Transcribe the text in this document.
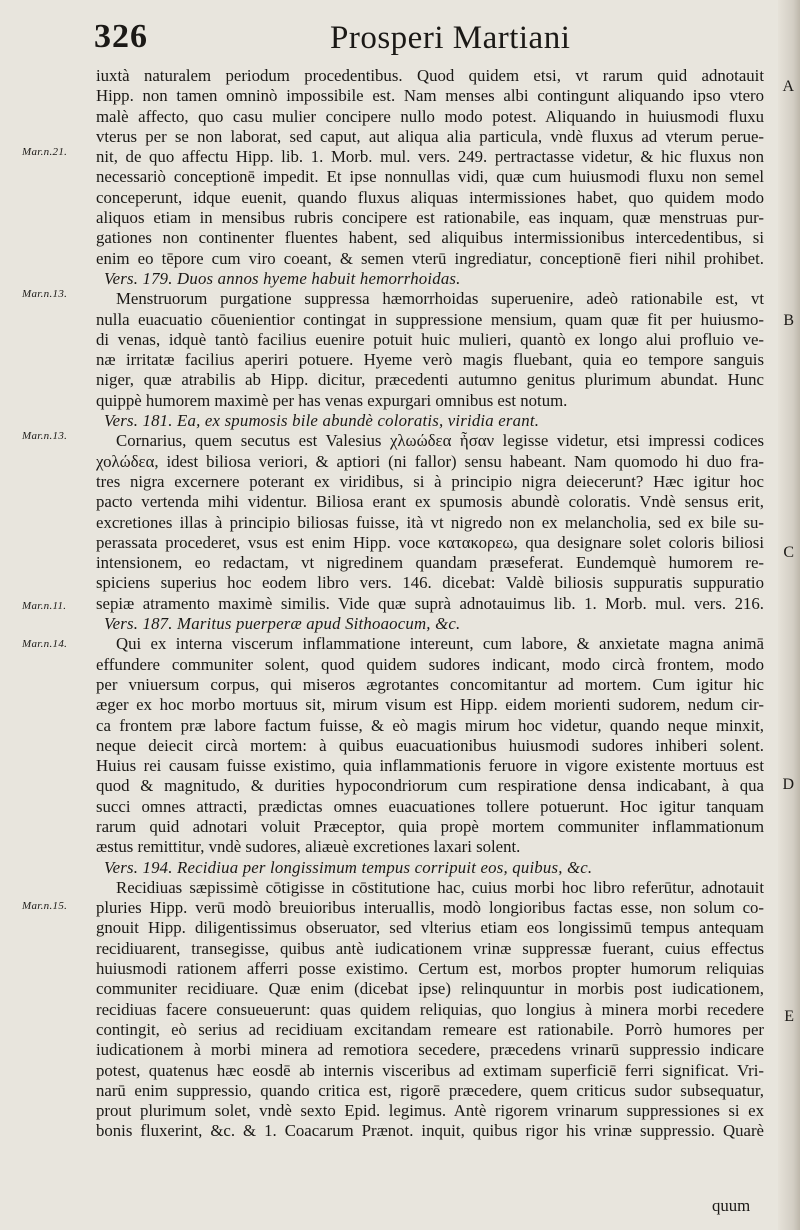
326	Prosperi Martiani
Mar.n.21.
Mar.n.13.
Mar.n.13.
Mar.n.11.
Mar.n.14.
Mar.n.15.
A
B
C
D
E
iuxtà naturalem periodum procedentibus. Quod quidem etsi, vt rarum quid adnotauit
Hipp. non tamen omninò impossibile est. Nam menses albi contingunt aliquando ipso vtero
malè affecto, quo casu mulier concipere nullo modo potest. Aliquando in huiusmodi fluxu
vterus per se non laborat, sed caput, aut aliqua alia particula, vndè fluxus ad vterum perue-
nit, de quo affectu Hipp. lib. 1. Morb. mul. vers. 249. pertractasse videtur, & hic fluxus non
necessariò conceptionē impedit. Et ipse nonnullas vidi, quæ cum huiusmodi fluxu non semel
conceperunt, idque euenit, quando fluxus aliquas intermissiones habet, quo quidem modo
aliquos etiam in mensibus rubris concipere est rationabile, eas inquam, quæ menstruas pur-
gationes non continenter fluentes habent, sed aliquibus intermissionibus intercedentibus, si
enim eo tēpore cum viro coeant, & semen vterū ingrediatur, conceptionē fieri nihil prohibet.
Vers. 179. Duos annos hyeme habuit hemorrhoidas.
Menstruorum purgatione suppressa hæmorrhoidas superuenire, adeò rationabile est, vt
nulla euacuatio cōuenientior contingat in suppressione mensium, quam quæ fit per huiusmo-
di venas, idquè tantò facilius euenire potuit huic mulieri, quantò ex longo alui profluio ve-
næ irritatæ facilius aperiri potuere. Hyeme verò magis fluebant, quia eo tempore sanguis
niger, quæ atrabilis ab Hipp. dicitur, præcedenti autumno genitus plurimum abundat. Hunc
quippè humorem maximè per has venas expurgari omnibus est notum.
Vers. 181. Ea, ex spumosis bile abundè coloratis, viridia erant.
Cornarius, quem secutus est Valesius χλωώδεα ἦσαν legisse videtur, etsi impressi codices
χολώδεα, idest biliosa veriori, & aptiori (ni fallor) sensu habeant. Nam quomodo hi duo fra-
tres nigra excernere poterant ex viridibus, si à principio nigra deiecerunt? Hæc igitur hoc
pacto vertenda mihi videntur. Biliosa erant ex spumosis abundè coloratis. Vndè sensus erit,
excretiones illas à principio biliosas fuisse, ità vt nigredo non ex melancholia, sed ex bile su-
perassata procederet, vsus est enim Hipp. voce κατακορεω, qua designare solet coloris biliosi
intensionem, eo redactam, vt nigredinem quandam præseferat. Eundemquè humorem re-
spiciens superius hoc eodem libro vers. 146. dicebat: Valdè biliosis suppuratis suppuratio
sepiæ atramento maximè similis. Vide quæ suprà adnotauimus lib. 1. Morb. mul. vers. 216.
Vers. 187. Maritus puerperæ apud Sithoaocum, &c.
Qui ex interna viscerum inflammatione intereunt, cum labore, & anxietate magna animā
effundere communiter solent, quod quidem sudores indicant, modo circà frontem, modo
per vniuersum corpus, qui miseros ægrotantes concomitantur ad mortem. Cum igitur hic
æger ex hoc morbo mortuus sit, mirum visum est Hipp. eidem morienti sudorem, nedum cir-
ca frontem præ labore factum fuisse, & eò magis mirum hoc videtur, quando neque minxit,
neque deiecit circà mortem: à quibus euacuationibus huiusmodi sudores inhiberi solent.
Huius rei causam fuisse existimo, quia inflammationis feruore in vigore existente mortuus est
quod & magnitudo, & durities hypocondriorum cum respiratione densa indicabant, à qua
succi omnes attracti, prædictas omnes euacuationes tollere potuerunt. Hoc igitur tanquam
rarum quid adnotari voluit Præceptor, quia propè mortem communiter inflammationum
æstus remittitur, vndè sudores, aliæuè excretiones laxari solent.
Vers. 194. Recidiua per longissimum tempus corripuit eos, quibus, &c.
Recidiuas sæpissimè cōtigisse in cōstitutione hac, cuius morbi hoc libro referūtur, adnotauit
pluries Hipp. verū modò breuioribus interuallis, modò longioribus factas esse, non solum co-
gnouit Hipp. diligentissimus obseruator, sed vlterius etiam eos longissimū tempus antequam
recidiuarent, transegisse, quibus antè iudicationem vrinæ suppressæ fuerant, cuius effectus
huiusmodi rationem afferri posse existimo. Certum est, morbos propter humorum reliquias
communiter recidiuare. Quæ enim (dicebat ipse) relinquuntur in morbis post iudicationem,
recidiuas facere consueuerunt: quas quidem reliquias, quo longius à minera morbi recedere
contingit, eò serius ad recidiuam excitandam remeare est rationabile. Porrò humores per
iudicationem à morbi minera ad remotiora secedere, præcedens vrinarū suppressio indicare
potest, quatenus hæc eosdē ab internis visceribus ad extimam superficiē ferri significat. Vri-
narū enim suppressio, quando critica est, rigorē præcedere, quem criticus sudor subsequatur,
prout plurimum solet, vndè sexto Epid. legimus. Antè rigorem vrinarum suppressiones si ex
bonis fluxerint, &c. & 1. Coacarum Prænot. inquit, quibus rigor his vrinæ suppressio. Quarè
quum
